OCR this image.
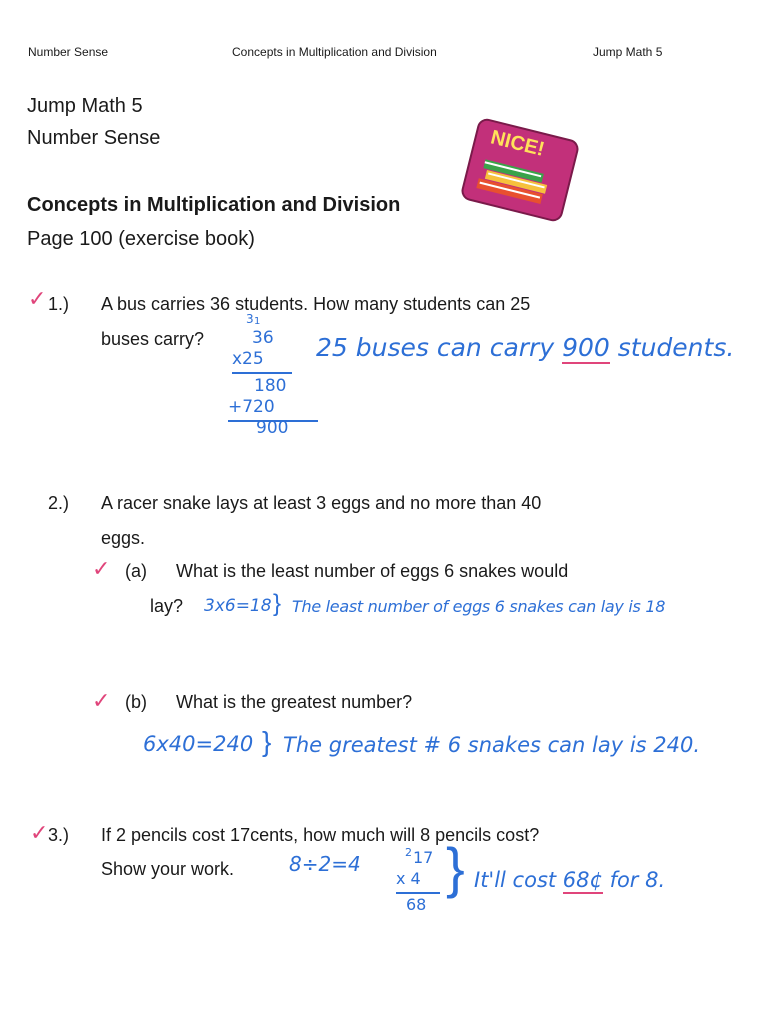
Number Sense	Concepts in Multiplication and Division	Jump Math 5
Jump Math 5
Number Sense
Concepts in Multiplication and Division
Page 100 (exercise book)
NICE!
✓ 1.) A bus carries 36 students. How many students can 25
buses carry?
3 1
36
x25
180
+720
900
25 buses can carry 900 students.
2.) A racer snake lays at least 3 eggs and no more than 40
eggs.
✓ (a) What is the least number of eggs 6 snakes would
lay? 3x6=18 } The least number of eggs 6 snakes can lay is 18
✓ (b) What is the greatest number?
6x40=240 } The greatest # 6 snakes can lay is 240.
✓ 3.) If 2 pencils cost 17cents, how much will 8 pencils cost?
Show your work.	8÷2=4	2 17
x 4
68
} It'll cost 68¢ for 8.
